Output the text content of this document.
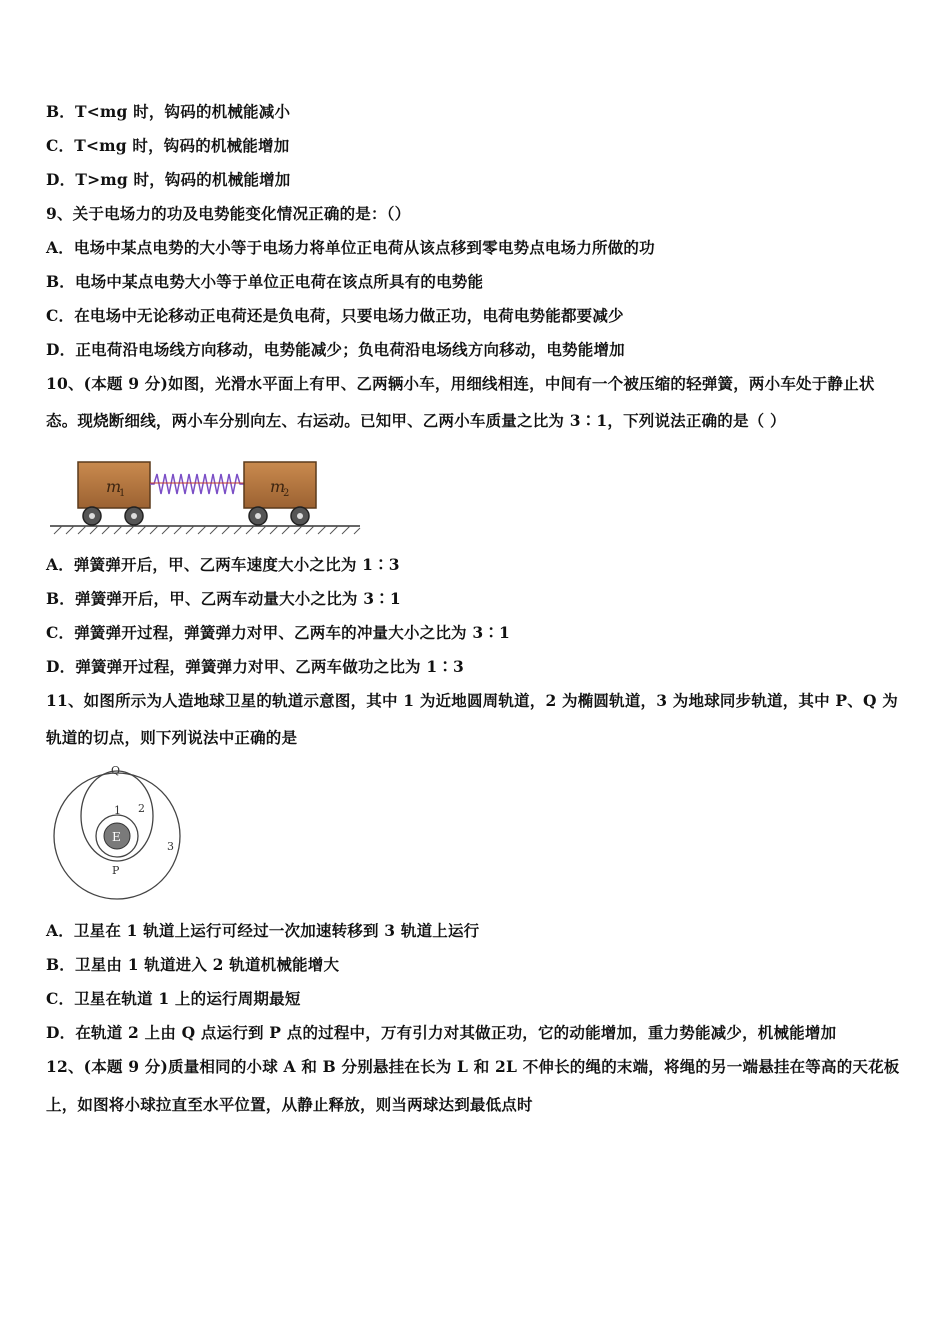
B．T<mg 时，钩码的机械能减小
C．T<mg 时，钩码的机械能增加
D．T>mg 时，钩码的机械能增加
9、关于电场力的功及电势能变化情况正确的是：（）
A．电场中某点电势的大小等于电场力将单位正电荷从该点移到零电势点电场力所做的功
B．电场中某点电势大小等于单位正电荷在该点所具有的电势能
C．在电场中无论移动正电荷还是负电荷，只要电场力做正功，电荷电势能都要减少
D．正电荷沿电场线方向移动，电势能减少；负电荷沿电场线方向移动，电势能增加
10、(本题 9 分)如图，光滑水平面上有甲、乙两辆小车，用细线相连，中间有一个被压缩的轻弹簧，两小车处于静止状
态。现烧断细线，两小车分别向左、右运动。已知甲、乙两小车质量之比为 3∶1，下列说法正确的是（ ）
m
1	m
2
A．弹簧弹开后，甲、乙两车速度大小之比为 1∶3
B．弹簧弹开后，甲、乙两车动量大小之比为 3∶1
C．弹簧弹开过程，弹簧弹力对甲、乙两车的冲量大小之比为 3∶1
D．弹簧弹开过程，弹簧弹力对甲、乙两车做功之比为 1∶3
11、如图所示为人造地球卫星的轨道示意图，其中 1 为近地圆周轨道，2 为椭圆轨道，3 为地球同步轨道，其中 P、Q 为
轨道的切点，则下列说法中正确的是
E
Q
P
1 2
3
A．卫星在 1 轨道上运行可经过一次加速转移到 3 轨道上运行
B．卫星由 1 轨道进入 2 轨道机械能增大
C．卫星在轨道 1 上的运行周期最短
D．在轨道 2 上由 Q 点运行到 P 点的过程中，万有引力对其做正功，它的动能增加，重力势能减少，机械能增加
12、(本题 9 分)质量相同的小球 A 和 B 分别悬挂在长为 L 和 2L 不伸长的绳的末端，将绳的另一端悬挂在等高的天花板
上，如图将小球拉直至水平位置，从静止释放，则当两球达到最低点时
